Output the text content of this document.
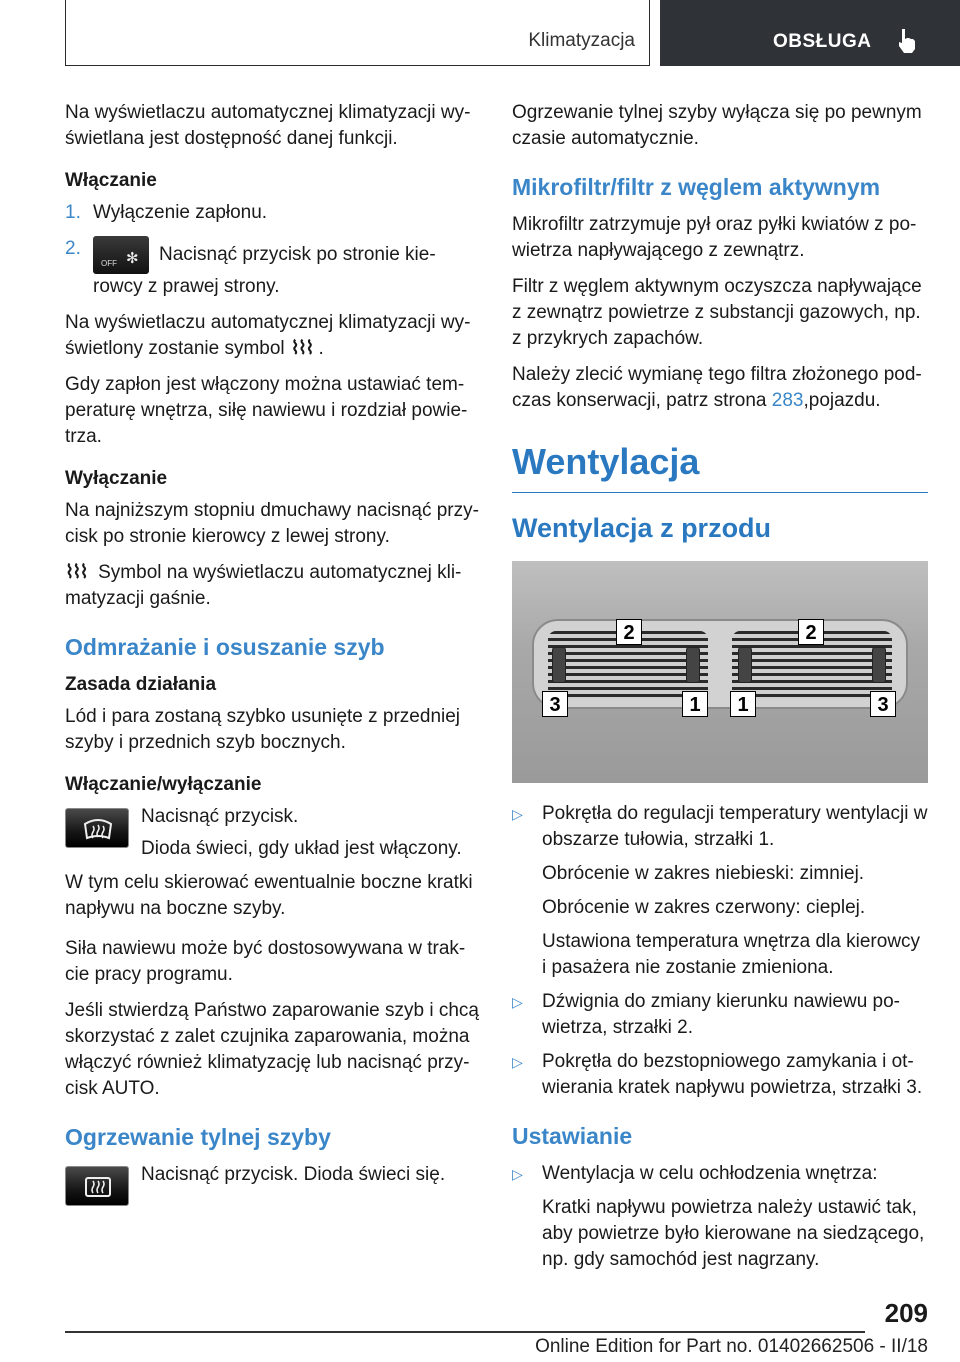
Klimatyzacja	OBSŁUGA

Na wyświetlaczu automatycznej klimatyzacji wy-świetlana jest dostępność danej funkcji.

Włączanie
1. Wyłączenie zapłonu.
2.
OFF ✻ Nacisnąć przycisk po stronie kie-rowcy z prawej strony.

Na wyświetlaczu automatycznej klimatyzacji wy-świetlony zostanie symbol ⌇⌇⌇ .

Gdy zapłon jest włączony można ustawiać tem-peraturę wnętrza, siłę nawiewu i rozdział powie-trza.

Wyłączanie

Na najniższym stopniu dmuchawy nacisnąć przy-cisk po stronie kierowcy z lewej strony.

⌇⌇⌇ Symbol na wyświetlaczu automatycznej kli-matyzacji gaśnie.

Odmrażanie i osuszanie szyb
Zasada działania

Lód i para zostaną szybko usunięte z przedniej szyby i przednich szyb bocznych.

Włączanie/wyłączanie

Nacisnąć przycisk.

Dioda świeci, gdy układ jest włączony.

W tym celu skierować ewentualnie boczne kratki napływu na boczne szyby.

Siła nawiewu może być dostosowywana w trak-cie pracy programu.

Jeśli stwierdzą Państwo zaparowanie szyb i chcą skorzystać z zalet czujnika zaparowania, można włączyć również klimatyzację lub nacisnąć przy-cisk AUTO.

Ogrzewanie tylnej szyby

Nacisnąć przycisk. Dioda świeci się.

Ogrzewanie tylnej szyby wyłącza się po pewnym czasie automatycznie.

Mikrofiltr/filtr z węglem aktywnym

Mikrofiltr zatrzymuje pył oraz pyłki kwiatów z po-wietrza napływającego z zewnątrz.

Filtr z węglem aktywnym oczyszcza napływające z zewnątrz powietrze z substancji gazowych, np. z przykrych zapachów.

Należy zlecić wymianę tego filtra złożonego pod-czas konserwacji, patrz strona 283,pojazdu.

Wentylacja
Wentylacja z przodu
2	2
3	1	1	3
▷	Pokrętła do regulacji temperatury wentylacji w obszarze tułowia, strzałki 1.
Obrócenie w zakres niebieski: zimniej.
Obrócenie w zakres czerwony: cieplej.
Ustawiona temperatura wnętrza dla kierowcy i pasażera nie zostanie zmieniona.
▷	Dźwignia do zmiany kierunku nawiewu po-wietrza, strzałki 2.
▷	Pokrętła do bezstopniowego zamykania i ot-wierania kratek napływu powietrza, strzałki 3.
Ustawianie
▷	Wentylacja w celu ochłodzenia wnętrza:
Kratki napływu powietrza należy ustawić tak, aby powietrze było kierowane na siedzącego, np. gdy samochód jest nagrzany.
209
Online Edition for Part no. 01402662506 - II/18
